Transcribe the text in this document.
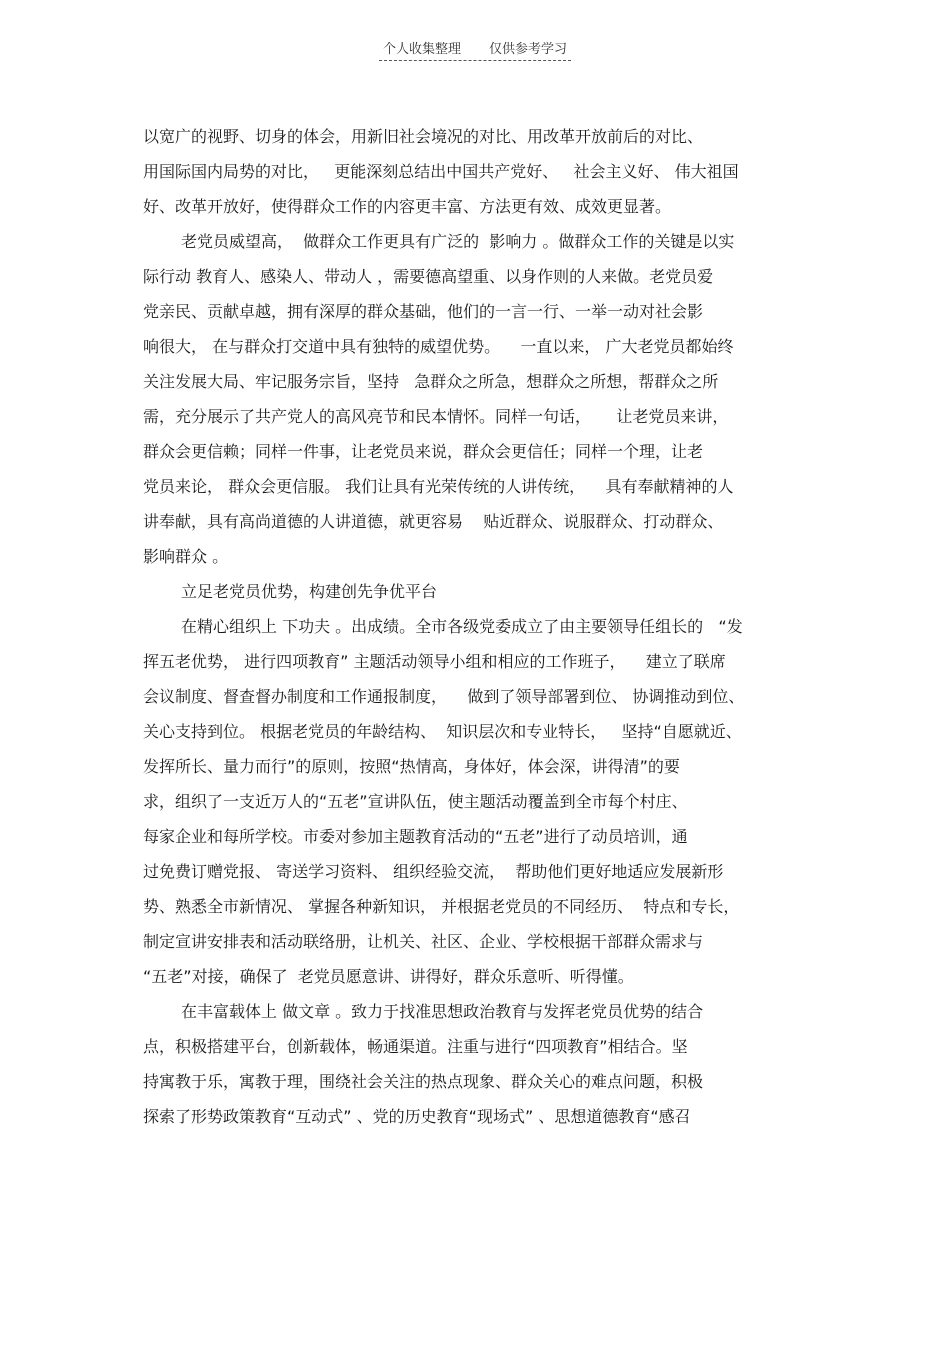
个人收集整理 仅供参考学习
以宽广的视野、切身的体会，用新旧社会境况的对比、用改革开放前后的对比、
用国际国内局势的对比，   更能深刻总结出中国共产党好、   社会主义好、 伟大祖国
好、改革开放好，使得群众工作的内容更丰富、方法更有效、成效更显著。
老党员威望高，  做群众工作更具有广泛的  影响力 。做群众工作的关键是以实
际行动 教育人、感染人、带动人 ，需要德高望重、以身作则的人来做。老党员爱
党亲民、贡献卓越，拥有深厚的群众基础，他们的一言一行、一举一动对社会影
响很大， 在与群众打交道中具有独特的威望优势。    一直以来， 广大老党员都始终
关注发展大局、牢记服务宗旨，坚持   急群众之所急，想群众之所想，帮群众之所
需，充分展示了共产党人的高风亮节和民本情怀。同样一句话，     让老党员来讲，
群众会更信赖；同样一件事，让老党员来说，群众会更信任；同样一个理，让老
党员来论， 群众会更信服。 我们让具有光荣传统的人讲传统，    具有奉献精神的人
讲奉献，具有高尚道德的人讲道德，就更容易    贴近群众、说服群众、打动群众、
影响群众 。
立足老党员优势，构建创先争优平台
在精心组织上 下功夫 。出成绩。全市各级党委成立了由主要领导任组长的   “发
挥五老优势， 进行四项教育” 主题活动领导小组和相应的工作班子，    建立了联席
会议制度、督查督办制度和工作通报制度，    做到了领导部署到位、 协调推动到位、
关心支持到位。 根据老党员的年龄结构、  知识层次和专业特长，   坚持“自愿就近、
发挥所长、量力而行”的原则，按照“热情高，身体好，体会深，讲得清”的要
求，组织了一支近万人的“五老”宣讲队伍，使主题活动覆盖到全市每个村庄、
每家企业和每所学校。市委对参加主题教育活动的“五老”进行了动员培训，通
过免费订赠党报、 寄送学习资料、 组织经验交流，  帮助他们更好地适应发展新形
势、熟悉全市新情况、 掌握各种新知识， 并根据老党员的不同经历、  特点和专长，
制定宣讲安排表和活动联络册，让机关、社区、企业、学校根据干部群众需求与
“五老”对接，确保了  老党员愿意讲、讲得好，群众乐意听、听得懂。
在丰富载体上 做文章 。致力于找准思想政治教育与发挥老党员优势的结合
点，积极搭建平台，创新载体，畅通渠道。注重与进行“四项教育”相结合。坚
持寓教于乐，寓教于理，围绕社会关注的热点现象、群众关心的难点问题，积极
探索了形势政策教育“互动式” 、党的历史教育“现场式” 、思想道德教育“感召
